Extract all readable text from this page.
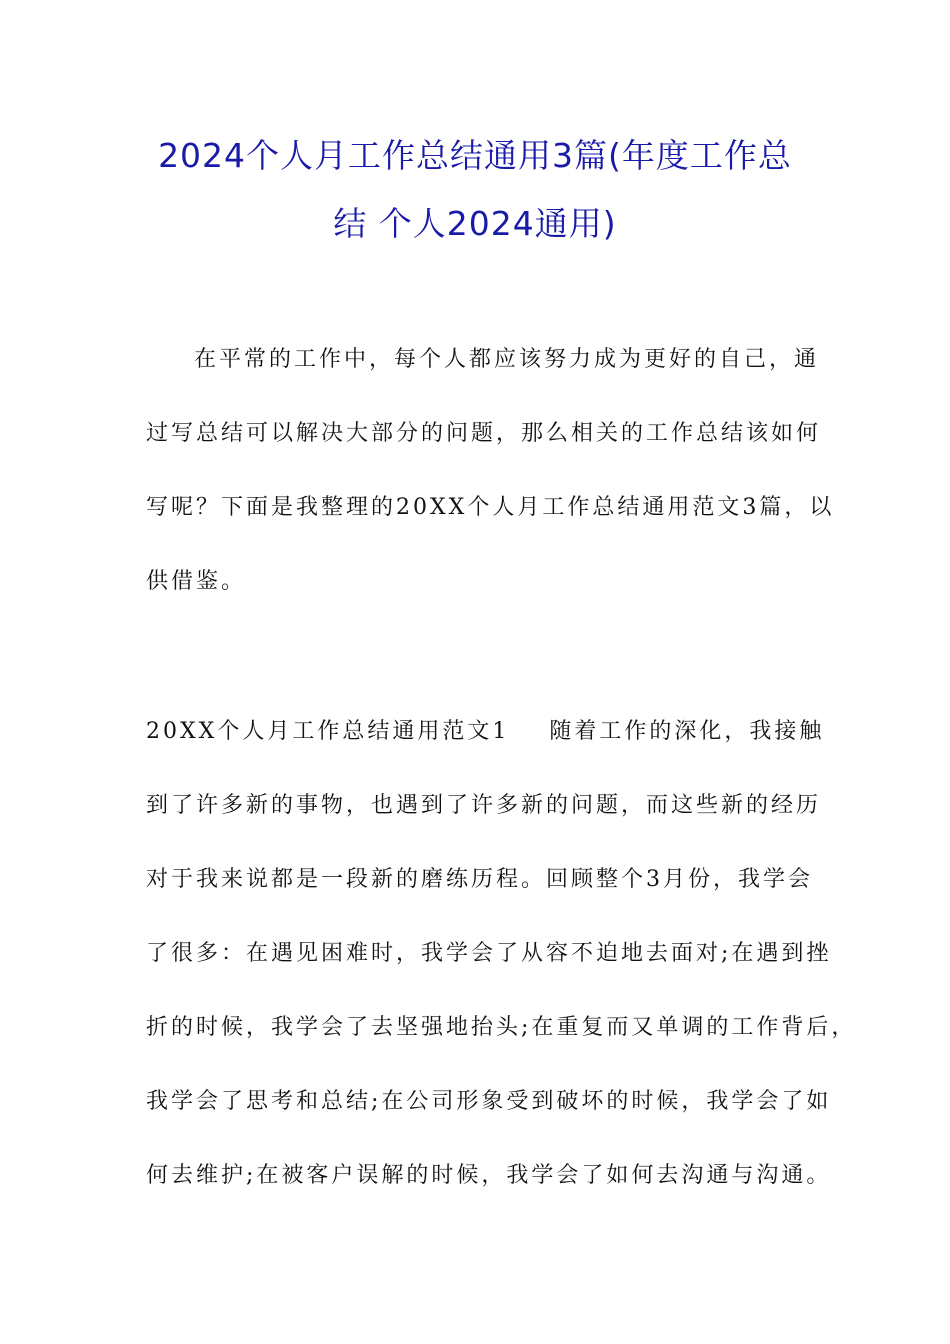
2024个人月工作总结通用3篇(年度工作总
结 个人2024通用)

在平常的工作中，每个人都应该努力成为更好的自己，通
过写总结可以解决大部分的问题，那么相关的工作总结该如何
写呢？下面是我整理的20XX个人月工作总结通用范文3篇，以
供借鉴。

20XX个人月工作总结通用范文1 随着工作的深化，我接触
到了许多新的事物，也遇到了许多新的问题，而这些新的经历
对于我来说都是一段新的磨练历程。回顾整个3月份，我学会
了很多：在遇见困难时，我学会了从容不迫地去面对;在遇到挫
折的时候，我学会了去坚强地抬头;在重复而又单调的工作背后，
我学会了思考和总结;在公司形象受到破坏的时候，我学会了如
何去维护;在被客户误解的时候，我学会了如何去沟通与沟通。
